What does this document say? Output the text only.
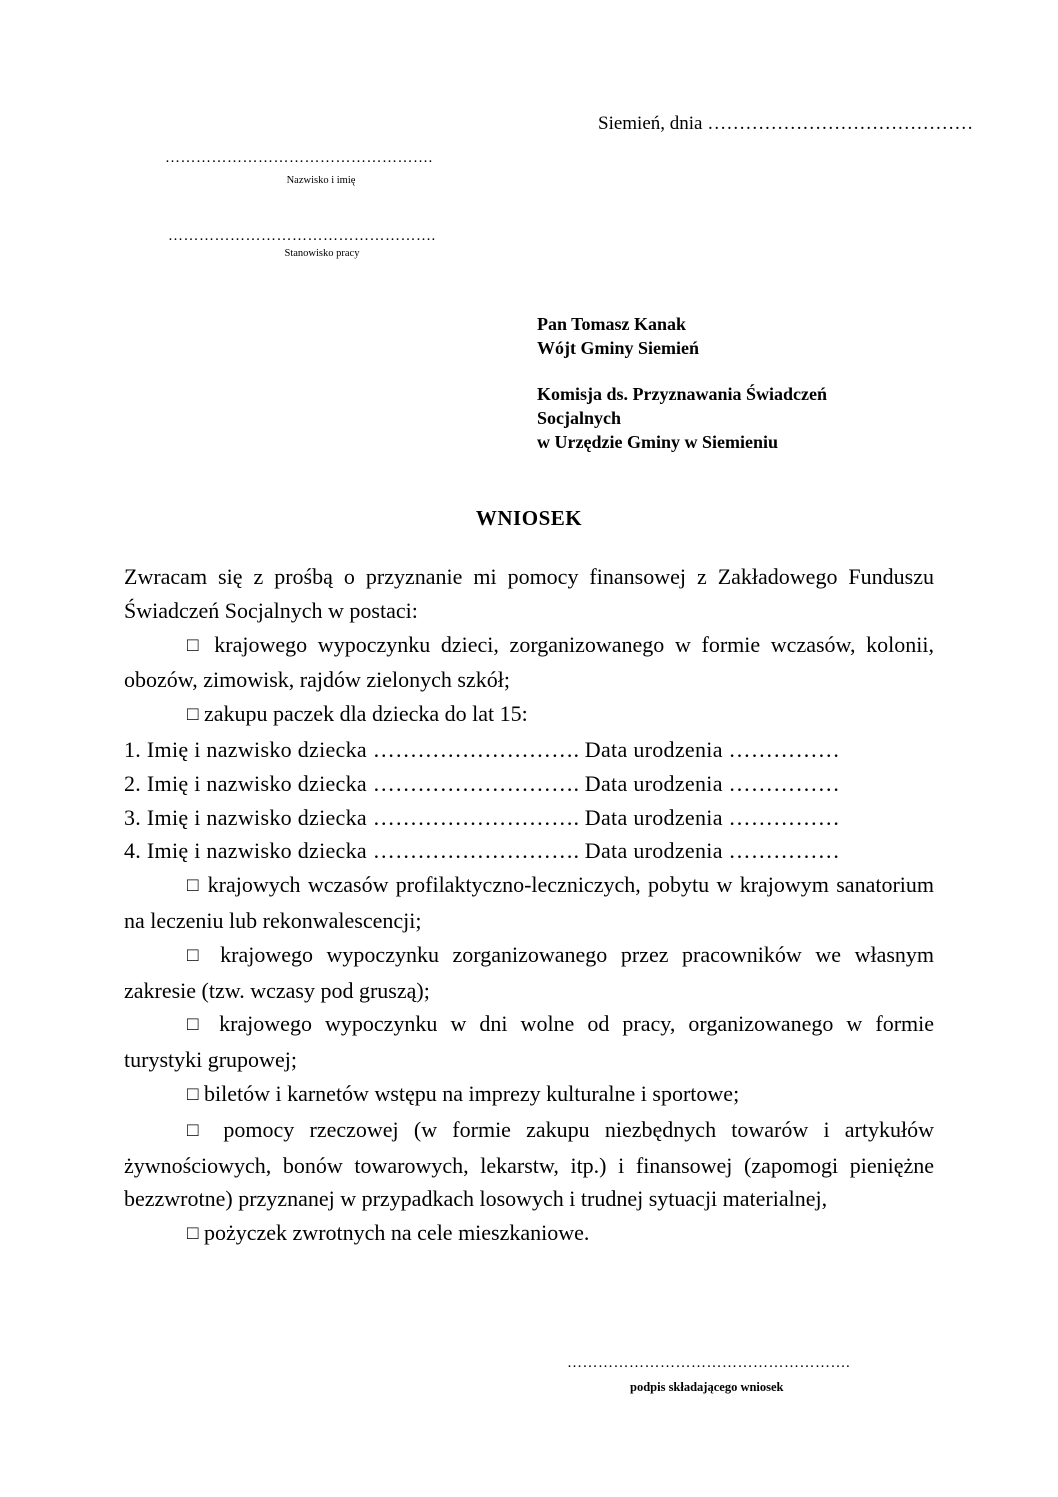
Siemień, dnia ……………………………………
…………………………………………….
Nazwisko i imię
…………………………………………….
Stanowisko pracy
Pan Tomasz Kanak
Wójt Gminy Siemień
Komisja ds. Przyznawania Świadczeń
Socjalnych
w Urzędzie Gminy w Siemieniu
WNIOSEK

Zwracam się z prośbą o przyznanie mi pomocy finansowej z Zakładowego Funduszu Świadczeń Socjalnych w postaci:

□ krajowego wypoczynku dzieci, zorganizowanego w formie wczasów, kolonii, obozów, zimowisk, rajdów zielonych szkół;

□ zakupu paczek dla dziecka do lat 15:

1. Imię i nazwisko dziecka ……………………….
Data urodzenia ……………
2. Imię i nazwisko dziecka ……………………….
Data urodzenia ……………
3. Imię i nazwisko dziecka ……………………….
Data urodzenia ……………
4. Imię i nazwisko dziecka ……………………….
Data urodzenia ……………

□ krajowych wczasów profilaktyczno-leczniczych, pobytu w krajowym sanatorium na leczeniu lub rekonwalescencji;

□ krajowego wypoczynku zorganizowanego przez pracowników we własnym zakresie (tzw. wczasy pod gruszą);

□ krajowego wypoczynku w dni wolne od pracy, organizowanego w formie turystyki grupowej;

□ biletów i karnetów wstępu na imprezy kulturalne i sportowe;

□ pomocy rzeczowej (w formie zakupu niezbędnych towarów i artykułów żywnościowych, bonów towarowych, lekarstw, itp.) i finansowej (zapomogi pieniężne bezzwrotne) przyznanej w przypadkach losowych i trudnej sytuacji materialnej,

□ pożyczek zwrotnych na cele mieszkaniowe.

……………………………………………….
podpis składającego wniosek
